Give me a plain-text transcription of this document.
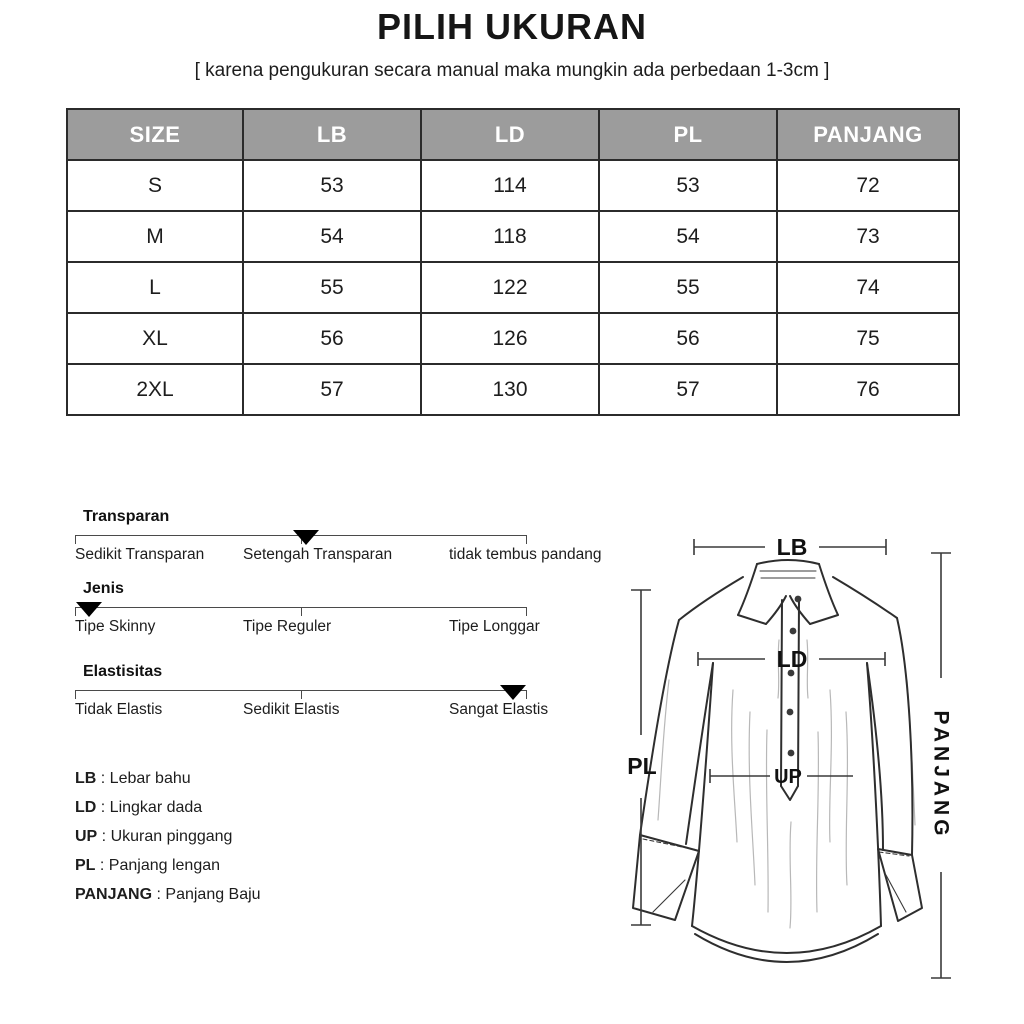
PILIH UKURAN
[ karena pengukuran secara manual maka mungkin ada perbedaan 1-3cm ]
SIZE	LB	LD	PL	PANJANG
S	53	114	53	72
M	54	118	54	73
L	55	122	55	74
XL	56	126	56	75
2XL	57	130	57	76
Transparan
Sedikit Transparan	Setengah Transparan	tidak tembus pandang
Jenis
Tipe Skinny	Tipe Reguler	Tipe Longgar
Elastisitas
Tidak Elastis	Sedikit Elastis	Sangat Elastis
LB : Lebar bahu
LD : Lingkar dada
UP : Ukuran pinggang
PL : Panjang lengan
PANJANG : Panjang Baju
LB
LD
UP
PL	PANJANG
